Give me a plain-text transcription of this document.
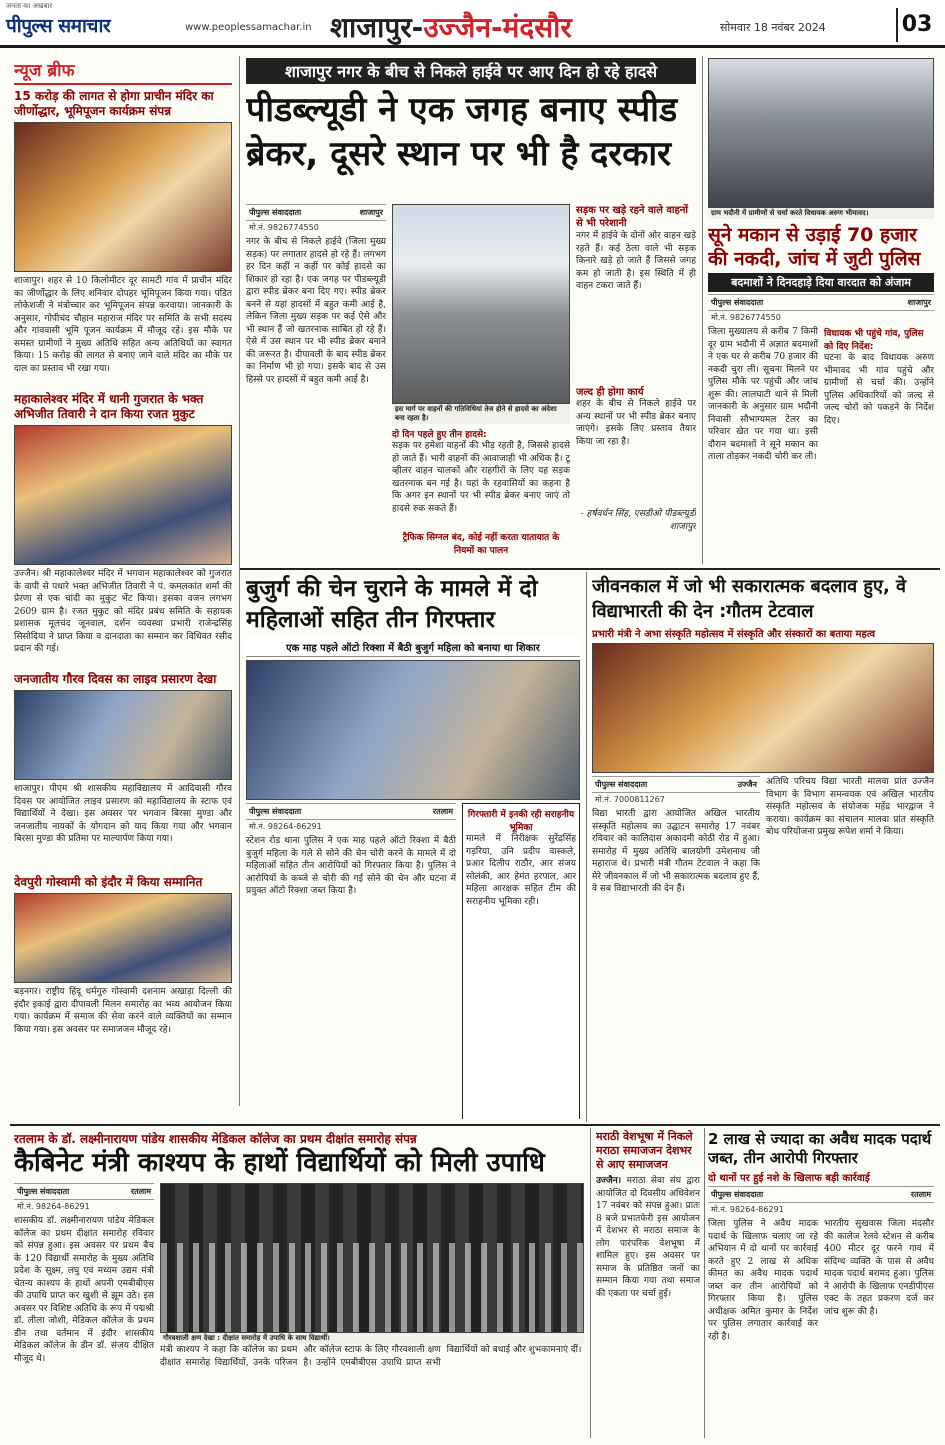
जनता का अखबार
पीपुल्स समाचार	www.peoplessamachar.in शाजापुर-उज्जैन-मंदसौर	सोमवार 18 नवंबर 2024	03
न्यूज ब्रीफ
15 करोड़ की लागत से होगा प्राचीन मंदिर का जीर्णोद्धार, भूमिपूजन कार्यक्रम संपन्न
शाजापुर। शहर से 10 किलोमीटर दूर सामटी गांव में प्राचीन मंदिर का जीर्णोद्धार के लिए शनिवार दोपहर भूमिपूजन किया गया। पंडित लोकेशजी ने मंत्रोच्चार कर भूमिपूजन संपन्न करवाया। जानकारी के अनुसार, गोपीचंद चौहान महाराज मंदिर पर समिति के सभी सदस्य और गांववासी भूमि पूजन कार्यक्रम में मौजूद रहे। इस मौके पर समस्त ग्रामीणों ने मुख्य अतिथि सहित अन्य अतिथियों का स्वागत किया। 15 करोड़ की लागत से बनाए जाने वाले मंदिर का मौके पर दाल का प्रस्ताव भी रखा गया।
महाकालेश्वर मंदिर में धानी गुजरात के भक्त अभिजीत तिवारी ने दान किया रजत मुकुट
उज्जैन। श्री महाकालेश्वर मंदिर में भगवान महाकालेश्वर को गुजरात के वापी से पधारे भक्त अभिजीत तिवारी ने पं. कमलकांत शर्मा की प्रेरणा से एक चांदी का मुकुट भेंट किया। इसका वजन लगभग 2609 ग्राम है। रजत मुकुट को मंदिर प्रबंध समिति के सहायक प्रशासक मूलचंद जूनवाल, दर्शन व्यवस्था प्रभारी राजेन्द्रसिंह सिसोदिया ने प्राप्त किया व दानदाता का सम्मान कर विधिवत रसीद प्रदान की गई।
जनजातीय गौरव दिवस का लाइव प्रसारण देखा
शाजापुर। पीएम श्री शासकीय महाविद्यालय में आदिवासी गौरव दिवस पर आयोजित लाइव प्रसारण को महाविद्यालय के स्टाफ एवं विद्यार्थियों ने देखा। इस अवसर पर भगवान बिरसा मुण्डा और जनजातीय नायकों के योगदान को याद किया गया और भगवान बिरसा मुण्डा की प्रतिमा पर माल्यार्पण किया गया।
देवपुरी गोस्वामी को इंदौर में किया सम्मानित
बड़नगर। राष्ट्रीय हिंदू धर्मगुरु गोस्वामी दशनाम अखाड़ा दिल्ली की इंदौर इकाई द्वारा दीपावली मिलन समारोह का भव्य आयोजन किया गया। कार्यक्रम में समाज की सेवा करने वाले व्यक्तियों का सम्मान किया गया। इस अवसर पर समाजजन मौजूद रहे।
शाजापुर नगर के बीच से निकले हाईवे पर आए दिन हो रहे हादसे
पीडब्ल्यूडी ने एक जगह बनाए स्पीड ब्रेकर, दूसरे स्थान पर भी है दरकार
पीपुल्स संवाददाता	शाजापुर
मो.नं. 9826774550
नगर के बीच से निकले हाईवे (जिला मुख्य सड़क) पर लगातार हादसे हो रहे हैं। लगभग हर दिन कहीं न कहीं पर कोई हादसे का शिकार हो रहा है। एक जगह पर पीडब्ल्यूडी द्वारा स्पीड ब्रेकर बना दिए गए। स्पीड ब्रेकर बनने से यहां हादसों में बहुत कमी आई है, लेकिन जिला मुख्य सड़क पर कई ऐसे और भी स्थान हैं जो खतरनाक साबित हो रहे हैं। ऐसे में उस स्थान पर भी स्पीड ब्रेकर बनाने की जरूरत है। दीपावली के बाद स्पीड ब्रेकर का निर्माण भी हो गया। इसके बाद से उस हिस्से पर हादसों में बहुत कमी आई है।
इस मार्ग पर वाहनों की गतिविधियां तेज होने से हादसे का अंदेशा बना रहता है।
दो दिन पहले हुए तीन हादसे:
सड़क पर हमेशा वाहनों की भीड़ रहती है, जिससे हादसे हो जाते हैं। भारी वाहनों की आवाजाही भी अधिक है। टू व्हीलर वाहन चालकों और राहगीरों के लिए यह सड़क खतरनाक बन गई है। यहां के रहवासियों का कहना है कि अगर इन स्थानों पर भी स्पीड ब्रेकर बनाए जाएं तो हादसे रुक सकते हैं।
ट्रैफिक सिग्नल बंद, कोई नहीं करता यातायात के नियमों का पालन
सड़क पर खड़े रहने वाले वाहनों से भी परेशानी
नगर में हाईवे के दोनों ओर वाहन खड़े रहते हैं। कई ठेला वाले भी सड़क किनारे खड़े हो जाते हैं जिससे जगह कम हो जाती है। इस स्थिति में ही वाहन टकरा जाते हैं।
जल्द ही होगा कार्य
शहर के बीच से निकले हाईवे पर अन्य स्थानों पर भी स्पीड ब्रेकर बनाए जाएंगे। इसके लिए प्रस्ताव तैयार किया जा रहा है।
- हर्षवर्धन सिंह, एसडीओ पीडब्ल्यूडी शाजापुर
ग्राम भदौनी में ग्रामीणों से चर्चा करते विधायक अरुण भीमावद।
सूने मकान से उड़ाई 70 हजार की नकदी, जांच में जुटी पुलिस
बदमाशों ने दिनदहाड़े दिया वारदात को अंजाम
पीपुल्स संवाददाता	शाजापुर
मो.नं. 9826774550
जिला मुख्यालय से करीब 7 किमी दूर ग्राम भदौनी में अज्ञात बदमाशों ने एक घर से करीब 70 हजार की नकदी चुरा ली। सूचना मिलने पर पुलिस मौके पर पहुंची और जांच शुरू की। लालघाटी थाने से मिली जानकारी के अनुसार ग्राम भदौनी निवासी सौभाग्यमल टेलर का परिवार खेत पर गया था। इसी दौरान बदमाशों ने सूने मकान का ताला तोड़कर नकदी चोरी कर ली।
विधायक भी पहुंचे गांव, पुलिस को दिए निर्देश:
घटना के बाद विधायक अरुण भीमावद भी गांव पहुंचे और ग्रामीणों से चर्चा की। उन्होंने पुलिस अधिकारियों को जल्द से जल्द चोरों को पकड़ने के निर्देश दिए।
बुजुर्ग की चेन चुराने के मामले में दो महिलाओं सहित तीन गिरफ्तार
एक माह पहले ऑटो रिक्शा में बैठी बुजुर्ग महिला को बनाया था शिकार
पीपुल्स संवाददाता	रतलाम
मो.नं. 98264-86291
स्टेशन रोड थाना पुलिस ने एक माह पहले ऑटो रिक्शा में बैठी बुजुर्ग महिला के गले से सोने की चेन चोरी करने के मामले में दो महिलाओं सहित तीन आरोपियों को गिरफ्तार किया है। पुलिस ने आरोपियों के कब्जे से चोरी की गई सोने की चेन और घटना में प्रयुक्त ऑटो रिक्शा जब्त किया है।
गिरफ्तारी में इनकी रही सराहनीय भूमिका
मामले में निरीक्षक सुरेंद्रसिंह गड़रिया, उनि प्रदीप वास्कले, प्रआर दिलीप राठौर, आर संजय सोलंकी, आर हेमंत हरपाल, आर महिला आरक्षक सहित टीम की सराहनीय भूमिका रही।
जीवनकाल में जो भी सकारात्मक बदलाव हुए, वे विद्याभारती की देन :गौतम टेटवाल
प्रभारी मंत्री ने अभा संस्कृति महोत्सव में संस्कृति और संस्कारों का बताया महत्व
पीपुल्स संवाददाता	उज्जैन
मो.नं. 7000811267
विद्या भारती द्वारा आयोजित अखिल भारतीय संस्कृति महोत्सव का उद्घाटन समारोह 17 नवंबर रविवार को कालिदास अकादमी कोठी रोड में हुआ। समारोह में मुख्य अतिथि बालयोगी उमेशनाथ जी महाराज थे। प्रभारी मंत्री गौतम टेटवाल ने कहा कि मेरे जीवनकाल में जो भी सकारात्मक बदलाव हुए हैं, वे सब विद्याभारती की देन हैं।
अतिथि परिचय विद्या भारती मालवा प्रांत उज्जैन विभाग के विभाग समन्वयक एवं अखिल भारतीय संस्कृति महोत्सव के संयोजक महेंद्र भारद्वाज ने कराया। कार्यक्रम का संचालन मालवा प्रांत संस्कृति बोध परियोजना प्रमुख रूपेश शर्मा ने किया।
रतलाम के डॉ. लक्ष्मीनारायण पांडेय शासकीय मेडिकल कॉलेज का प्रथम दीक्षांत समारोह संपन्न
कैबिनेट मंत्री काश्यप के हाथों विद्यार्थियों को मिली उपाधि
पीपुल्स संवाददाता	रतलाम
मो.नं. 98264-86291
शासकीय डॉ. लक्ष्मीनारायण पांडेय मेडिकल कॉलेज का प्रथम दीक्षांत समारोह रविवार को संपन्न हुआ। इस अवसर पर प्रथम बैच के 120 विद्यार्थी समारोह के मुख्य अतिथि प्रदेश के सूक्ष्म, लघु एवं मध्यम उद्यम मंत्री चेतन्य काश्यप के हाथों अपनी एमबीबीएस की उपाधि प्राप्त कर खुशी से झूम उठे। इस अवसर पर विशिष्ट अतिथि के रूप में पद्मश्री डॉ. लीला जोशी, मेडिकल कॉलेज के प्रथम डीन तथा वर्तमान में इंदौर शासकीय मेडिकल कॉलेज के डीन डॉ. संजय दीक्षित मौजूद थे।
गौरवशाली क्षण देखा : दीक्षांत समारोह में उपाधि के साथ विद्यार्थी।
मंत्री काश्यप ने कहा कि कॉलेज का प्रथम दीक्षांत समारोह विद्यार्थियों, उनके परिजन और कॉलेज स्टाफ के लिए गौरवशाली क्षण है। उन्होंने एमबीबीएस उपाधि प्राप्त सभी विद्यार्थियों को बधाई और शुभकामनाएं दीं।
मराठी वेशभूषा में निकले मराठा समाजजन देशभर से आए समाजजन
उज्जैन। मराठा सेवा संघ द्वारा आयोजित दो दिवसीय अधिवेशन 17 नवंबर को संपन्न हुआ। प्रातः 8 बजे प्रभातफेरी इस आयोजन में देशभर से मराठा समाज के लोग पारंपरिक वेशभूषा में शामिल हुए। इस अवसर पर समाज के प्रतिष्ठित जनों का सम्मान किया गया तथा समाज की एकता पर चर्चा हुई।
2 लाख से ज्यादा का अवैध मादक पदार्थ जब्त, तीन आरोपी गिरफ्तार
दो थानों पर हुई नशे के खिलाफ बड़ी कार्रवाई
पीपुल्स संवाददाता	रतलाम
मो.नं. 98264-86291
जिला पुलिस ने अवैध मादक पदार्थ के खिलाफ चलाए जा रहे अभियान में दो थानों पर कार्रवाई करते हुए 2 लाख से अधिक कीमत का अवैध मादक पदार्थ जब्त कर तीन आरोपियों को गिरफ्तार किया है। पुलिस अधीक्षक अमित कुमार के निर्देश पर पुलिस लगातार कार्रवाई कर रही है।
भारतीय सुखवास जिला मंदसौर की कालेज रेलवे स्टेशन से करीब 400 मीटर दूर फरने गावं में संदिग्ध व्यक्ति के पास से अवैध मादक पदार्थ बरामद हुआ। पुलिस ने आरोपी के खिलाफ एनडीपीएस एक्ट के तहत प्रकरण दर्ज कर जांच शुरू की है।
